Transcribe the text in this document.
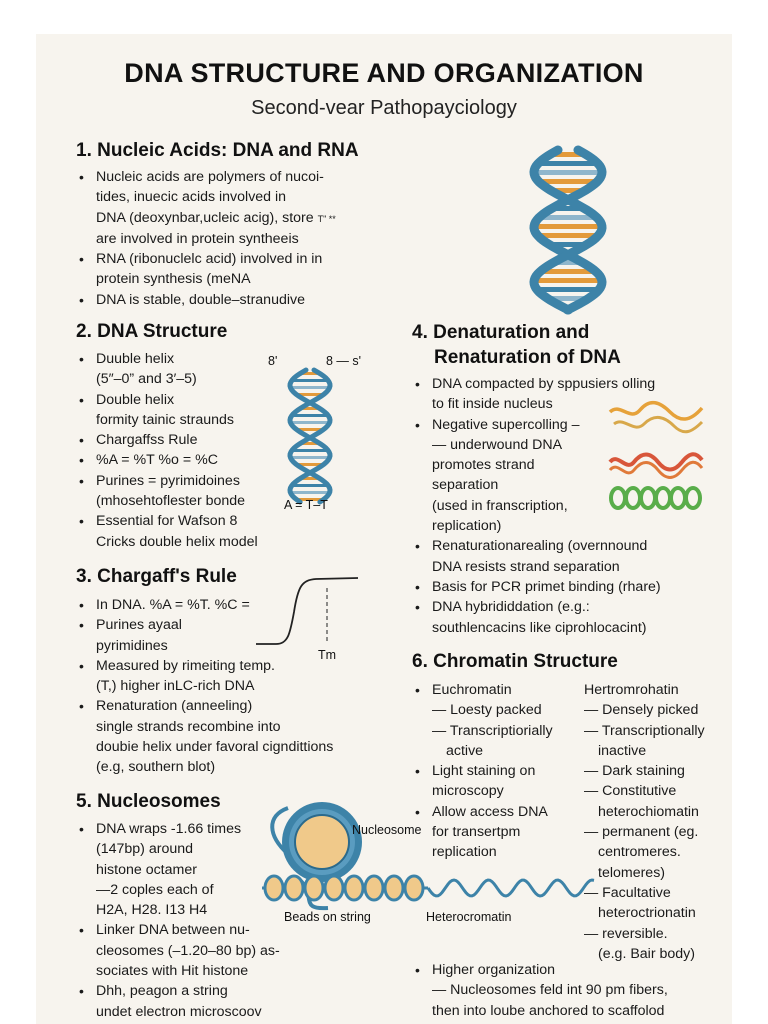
DNA STRUCTURE AND ORGANIZATION
Second-vear Pathopayciology
1. Nucleic Acids: DNA and RNA
• Nucleic acids are polymers of nucoi-
tides, inuecic acids involved in
DNA (deoxynbar,ucleic acig), store T" **
are involved in protein syntheeis
• RNA (ribonuclelc acid) involved in in
protein synthesis (meNA
• DNA is stable, double–stranudive
2. DNA Structure
• Duuble helix
(5″–0” and 3′–5)
• Double helix
formity tainic straunds
• Chargaffss Rule
• %A = %T %o = %C
• Purines = pyrimidoines
(mhosehtoflester bonde
• Essential for Wafson 8
Cricks double helix model
8'	8 — s'
A = T–T
3. Chargaff's Rule
• In DNA. %A = %T. %C =
• Purines ayaal
pyrimidines
• Measured by rimeiting temp.
(T,) higher inLC-rich DNA
• Renaturation (anneeling)
single strands recombine into
doubie helix under favoral cigndittions
(e.g, southern blot)
Tm
4. Denaturation and
Renaturation of DNA
• DNA compacted by sppusiers olling
to fit inside nucleus
• Negative supercolling –
— underwound DNA
promotes strand
separation
(used in franscription,
replication)
• Renaturationarealing (overnnound
DNA resists strand separation
• Basis for PCR primet binding (rhare)
• DNA hybrididdation (e.g.:
southlencacins like ciprohlocacint)
5. Nucleosomes
• DNA wraps -1.66 times
(147bp) around
histone octamer
—2 coples each of
H2A, H28. I13 H4
• Linker DNA between nu-
cleosomes (–1.20–80 bp) as-
sociates with Hit histone
• Dhh, peagon a string
undet electron microscoov
Nucleosome
Beads on string	Heterocromatin
6. Chromatin Structure
• Euchromatin
— Loesty packed
— Transcriptiorially
active
• Light staining on
microscopy
• Allow access DNA
for transertpm
replication
Hertromrohatin
— Densely picked
— Transcriptionally
inactive
— Dark staining
— Constitutive
heterochiomatin
— permanent (eg.
centromeres.
telomeres)
— Facultative
heteroctrionatin
— reversible.
(e.g. Bair body)
• Higher organization
— Nucleosomes feld int 90 pm fibers,
then into loube anchored to scaffolod
